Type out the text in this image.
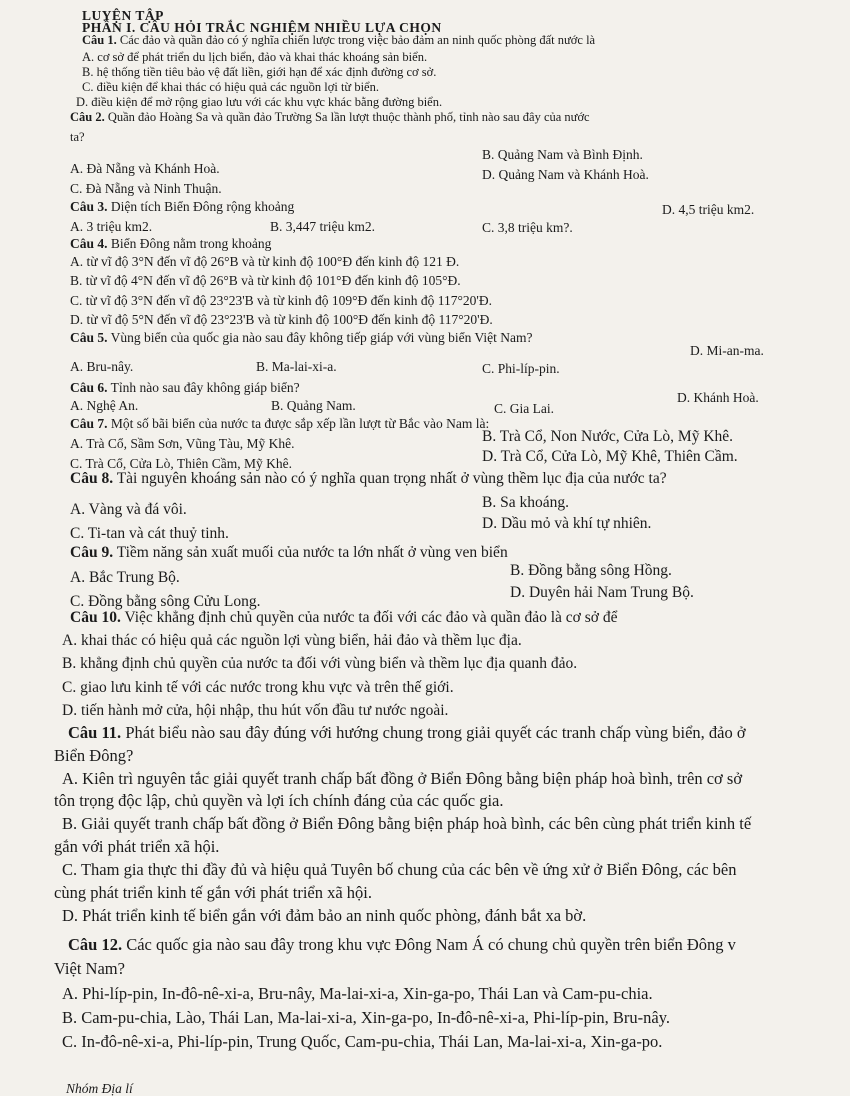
LUYỆN TẬP
PHẦN I. CÂU HỎI TRẮC NGHIỆM NHIỀU LỰA CHỌN
Câu 1. Các đảo và quần đảo có ý nghĩa chiến lược trong việc bảo đảm an ninh quốc phòng đất nước là
A. cơ sở để phát triển du lịch biển, đảo và khai thác khoáng sản biển.
B. hệ thống tiền tiêu bảo vệ đất liền, giới hạn để xác định đường cơ sở.
C. điều kiện để khai thác có hiệu quả các nguồn lợi từ biển.
D. điều kiện để mở rộng giao lưu với các khu vực khác bằng đường biển.
Câu 2. Quần đảo Hoàng Sa và quần đảo Trường Sa lần lượt thuộc thành phố, tỉnh nào sau đây của nước
ta?
B. Quảng Nam và Bình Định.
A. Đà Nẵng và Khánh Hoà.	D. Quảng Nam và Khánh Hoà.
C. Đà Nẵng và Ninh Thuận.
Câu 3. Diện tích Biển Đông rộng khoảng	D. 4,5 triệu km2.
C. 3,8 triệu km?.
A. 3 triệu km2.	B. 3,447 triệu km2.
Câu 4. Biển Đông nằm trong khoảng
A. từ vĩ độ 3°N đến vĩ độ 26°B và từ kinh độ 100°Đ đến kinh độ 121 Đ.
B. từ vĩ độ 4°N đến vĩ độ 26°B và từ kinh độ 101°Đ đến kinh độ 105°Đ.
C. từ vĩ độ 3°N đến vĩ độ 23°23'B và từ kinh độ 109°Đ đến kinh độ 117°20'Đ.
D. từ vĩ độ 5°N đến vĩ độ 23°23'B và từ kinh độ 100°Đ đến kinh độ 117°20'Đ.
Câu 5. Vùng biển của quốc gia nào sau đây không tiếp giáp với vùng biển Việt Nam?
D. Mi-an-ma.
A. Bru-nây.	B. Ma-lai-xi-a.	C. Phi-líp-pin.
Câu 6. Tỉnh nào sau đây không giáp biển?
D. Khánh Hoà.
A. Nghệ An.	B. Quảng Nam.	C. Gia Lai.
Câu 7. Một số bãi biển của nước ta được sắp xếp lần lượt từ Bắc vào Nam là:
B. Trà Cổ, Non Nước, Cửa Lò, Mỹ Khê.
A. Trà Cổ, Sầm Sơn, Vũng Tàu, Mỹ Khê.
D. Trà Cổ, Cửa Lò, Mỹ Khê, Thiên Cầm.
C. Trà Cổ, Cửa Lò, Thiên Cầm, Mỹ Khê.
Câu 8. Tài nguyên khoáng sản nào có ý nghĩa quan trọng nhất ở vùng thềm lục địa của nước ta?
B. Sa khoáng.
A. Vàng và đá vôi.
D. Dầu mỏ và khí tự nhiên.
C. Ti-tan và cát thuỷ tinh.
Câu 9. Tiềm năng sản xuất muối của nước ta lớn nhất ở vùng ven biển
B. Đồng bằng sông Hồng.
A. Bắc Trung Bộ.
D. Duyên hải Nam Trung Bộ.
C. Đồng bằng sông Cửu Long.
Câu 10. Việc khẳng định chủ quyền của nước ta đối với các đảo và quần đảo là cơ sở để
A. khai thác có hiệu quả các nguồn lợi vùng biển, hải đảo và thềm lục địa.
B. khẳng định chủ quyền của nước ta đối với vùng biển và thềm lục địa quanh đảo.
C. giao lưu kinh tế với các nước trong khu vực và trên thế giới.
D. tiến hành mở cửa, hội nhập, thu hút vốn đầu tư nước ngoài.
Câu 11. Phát biểu nào sau đây đúng với hướng chung trong giải quyết các tranh chấp vùng biển, đảo ở
Biển Đông?
A. Kiên trì nguyên tắc giải quyết tranh chấp bất đồng ở Biển Đông bằng biện pháp hoà bình, trên cơ sở
tôn trọng độc lập, chủ quyền và lợi ích chính đáng của các quốc gia.
B. Giải quyết tranh chấp bất đồng ở Biển Đông bằng biện pháp hoà bình, các bên cùng phát triển kinh tế
gắn với phát triển xã hội.
C. Tham gia thực thi đầy đủ và hiệu quả Tuyên bố chung của các bên về ứng xử ở Biển Đông, các bên
cùng phát triển kinh tế gắn với phát triển xã hội.
D. Phát triển kinh tế biển gắn với đảm bảo an ninh quốc phòng, đánh bắt xa bờ.
Câu 12. Các quốc gia nào sau đây trong khu vực Đông Nam Á có chung chủ quyền trên biển Đông v
Việt Nam?
A. Phi-líp-pin, In-đô-nê-xi-a, Bru-nây, Ma-lai-xi-a, Xin-ga-po, Thái Lan và Cam-pu-chia.
B. Cam-pu-chia, Lào, Thái Lan, Ma-lai-xi-a, Xin-ga-po, In-đô-nê-xi-a, Phi-líp-pin, Bru-nây.
C. In-đô-nê-xi-a, Phi-líp-pin, Trung Quốc, Cam-pu-chia, Thái Lan, Ma-lai-xi-a, Xin-ga-po.
Nhóm Địa lí
